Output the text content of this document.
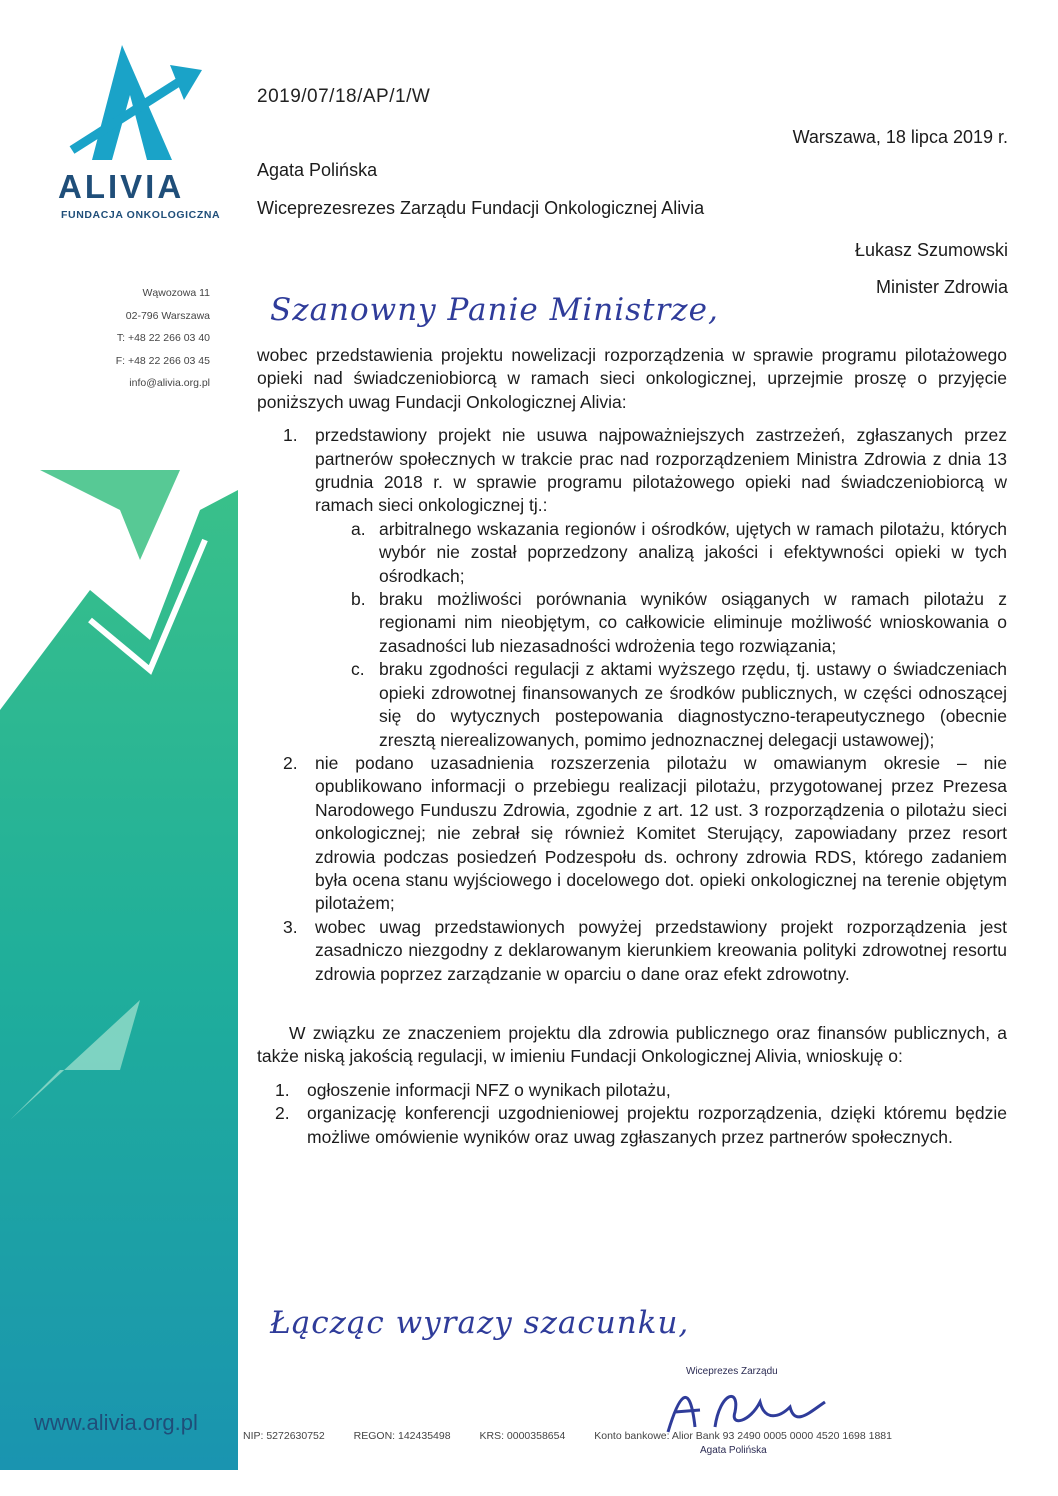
ALIVIA
FUNDACJA ONKOLOGICZNA
Wąwozowa 11
02-796 Warszawa
T: +48 22 266 03 40
F: +48 22 266 03 45
info@alivia.org.pl
2019/07/18/AP/1/W
Warszawa, 18 lipca 2019 r.
Agata Polińska
Wiceprezesrezes Zarządu Fundacji Onkologicznej Alivia
Łukasz Szumowski
Minister Zdrowia
Szanowny Panie Ministrze,

wobec przedstawienia projektu nowelizacji rozporządzenia w sprawie programu pilotażowego opieki nad świadczeniobiorcą w ramach sieci onkologicznej, uprzejmie proszę o przyjęcie poniższych uwag Fundacji Onkologicznej Alivia:

1. przedstawiony projekt nie usuwa najpoważniejszych zastrzeżeń, zgłaszanych przez partnerów społecznych w trakcie prac nad rozporządzeniem Ministra Zdrowia z dnia 13 grudnia 2018 r. w sprawie programu pilotażowego opieki nad świadczeniobiorcą w ramach sieci onkologicznej tj.:
a. arbitralnego wskazania regionów i ośrodków, ujętych w ramach pilotażu, których wybór nie został poprzedzony analizą jakości i efektywności opieki w tych ośrodkach;
b. braku możliwości porównania wyników osiąganych w ramach pilotażu z regionami nim nieobjętym, co całkowicie eliminuje możliwość wnioskowania o zasadności lub niezasadności wdrożenia tego rozwiązania;
c. braku zgodności regulacji z aktami wyższego rzędu, tj. ustawy o świadczeniach opieki zdrowotnej finansowanych ze środków publicznych, w części odnoszącej się do wytycznych postepowania diagnostyczno-terapeutycznego (obecnie zresztą nierealizowanych, pomimo jednoznacznej delegacji ustawowej);
2. nie podano uzasadnienia rozszerzenia pilotażu w omawianym okresie – nie opublikowano informacji o przebiegu realizacji pilotażu, przygotowanej przez Prezesa Narodowego Funduszu Zdrowia, zgodnie z art. 12 ust. 3 rozporządzenia o pilotażu sieci onkologicznej; nie zebrał się również Komitet Sterujący, zapowiadany przez resort zdrowia podczas posiedzeń Podzespołu ds. ochrony zdrowia RDS, którego zadaniem była ocena stanu wyjściowego i docelowego dot. opieki onkologicznej na terenie objętym pilotażem;
3. wobec uwag przedstawionych powyżej przedstawiony projekt rozporządzenia jest zasadniczo niezgodny z deklarowanym kierunkiem kreowania polityki zdrowotnej resortu zdrowia poprzez zarządzanie w oparciu o dane oraz efekt zdrowotny.

W związku ze znaczeniem projektu dla zdrowia publicznego oraz finansów publicznych, a także niską jakością regulacji, w imieniu Fundacji Onkologicznej Alivia, wnioskuję o:

1. ogłoszenie informacji NFZ o wynikach pilotażu,
2. organizację konferencji uzgodnieniowej projektu rozporządzenia, dzięki któremu będzie możliwe omówienie wyników oraz uwag zgłaszanych przez partnerów społecznych.
Łącząc wyrazy szacunku,
Wiceprezes Zarządu
Agata Polińska
www.alivia.org.pl
NIP: 5272630752	REGON: 142435498	KRS: 0000358654	Konto bankowe: Alior Bank 93 2490 0005 0000 4520 1698 1881
